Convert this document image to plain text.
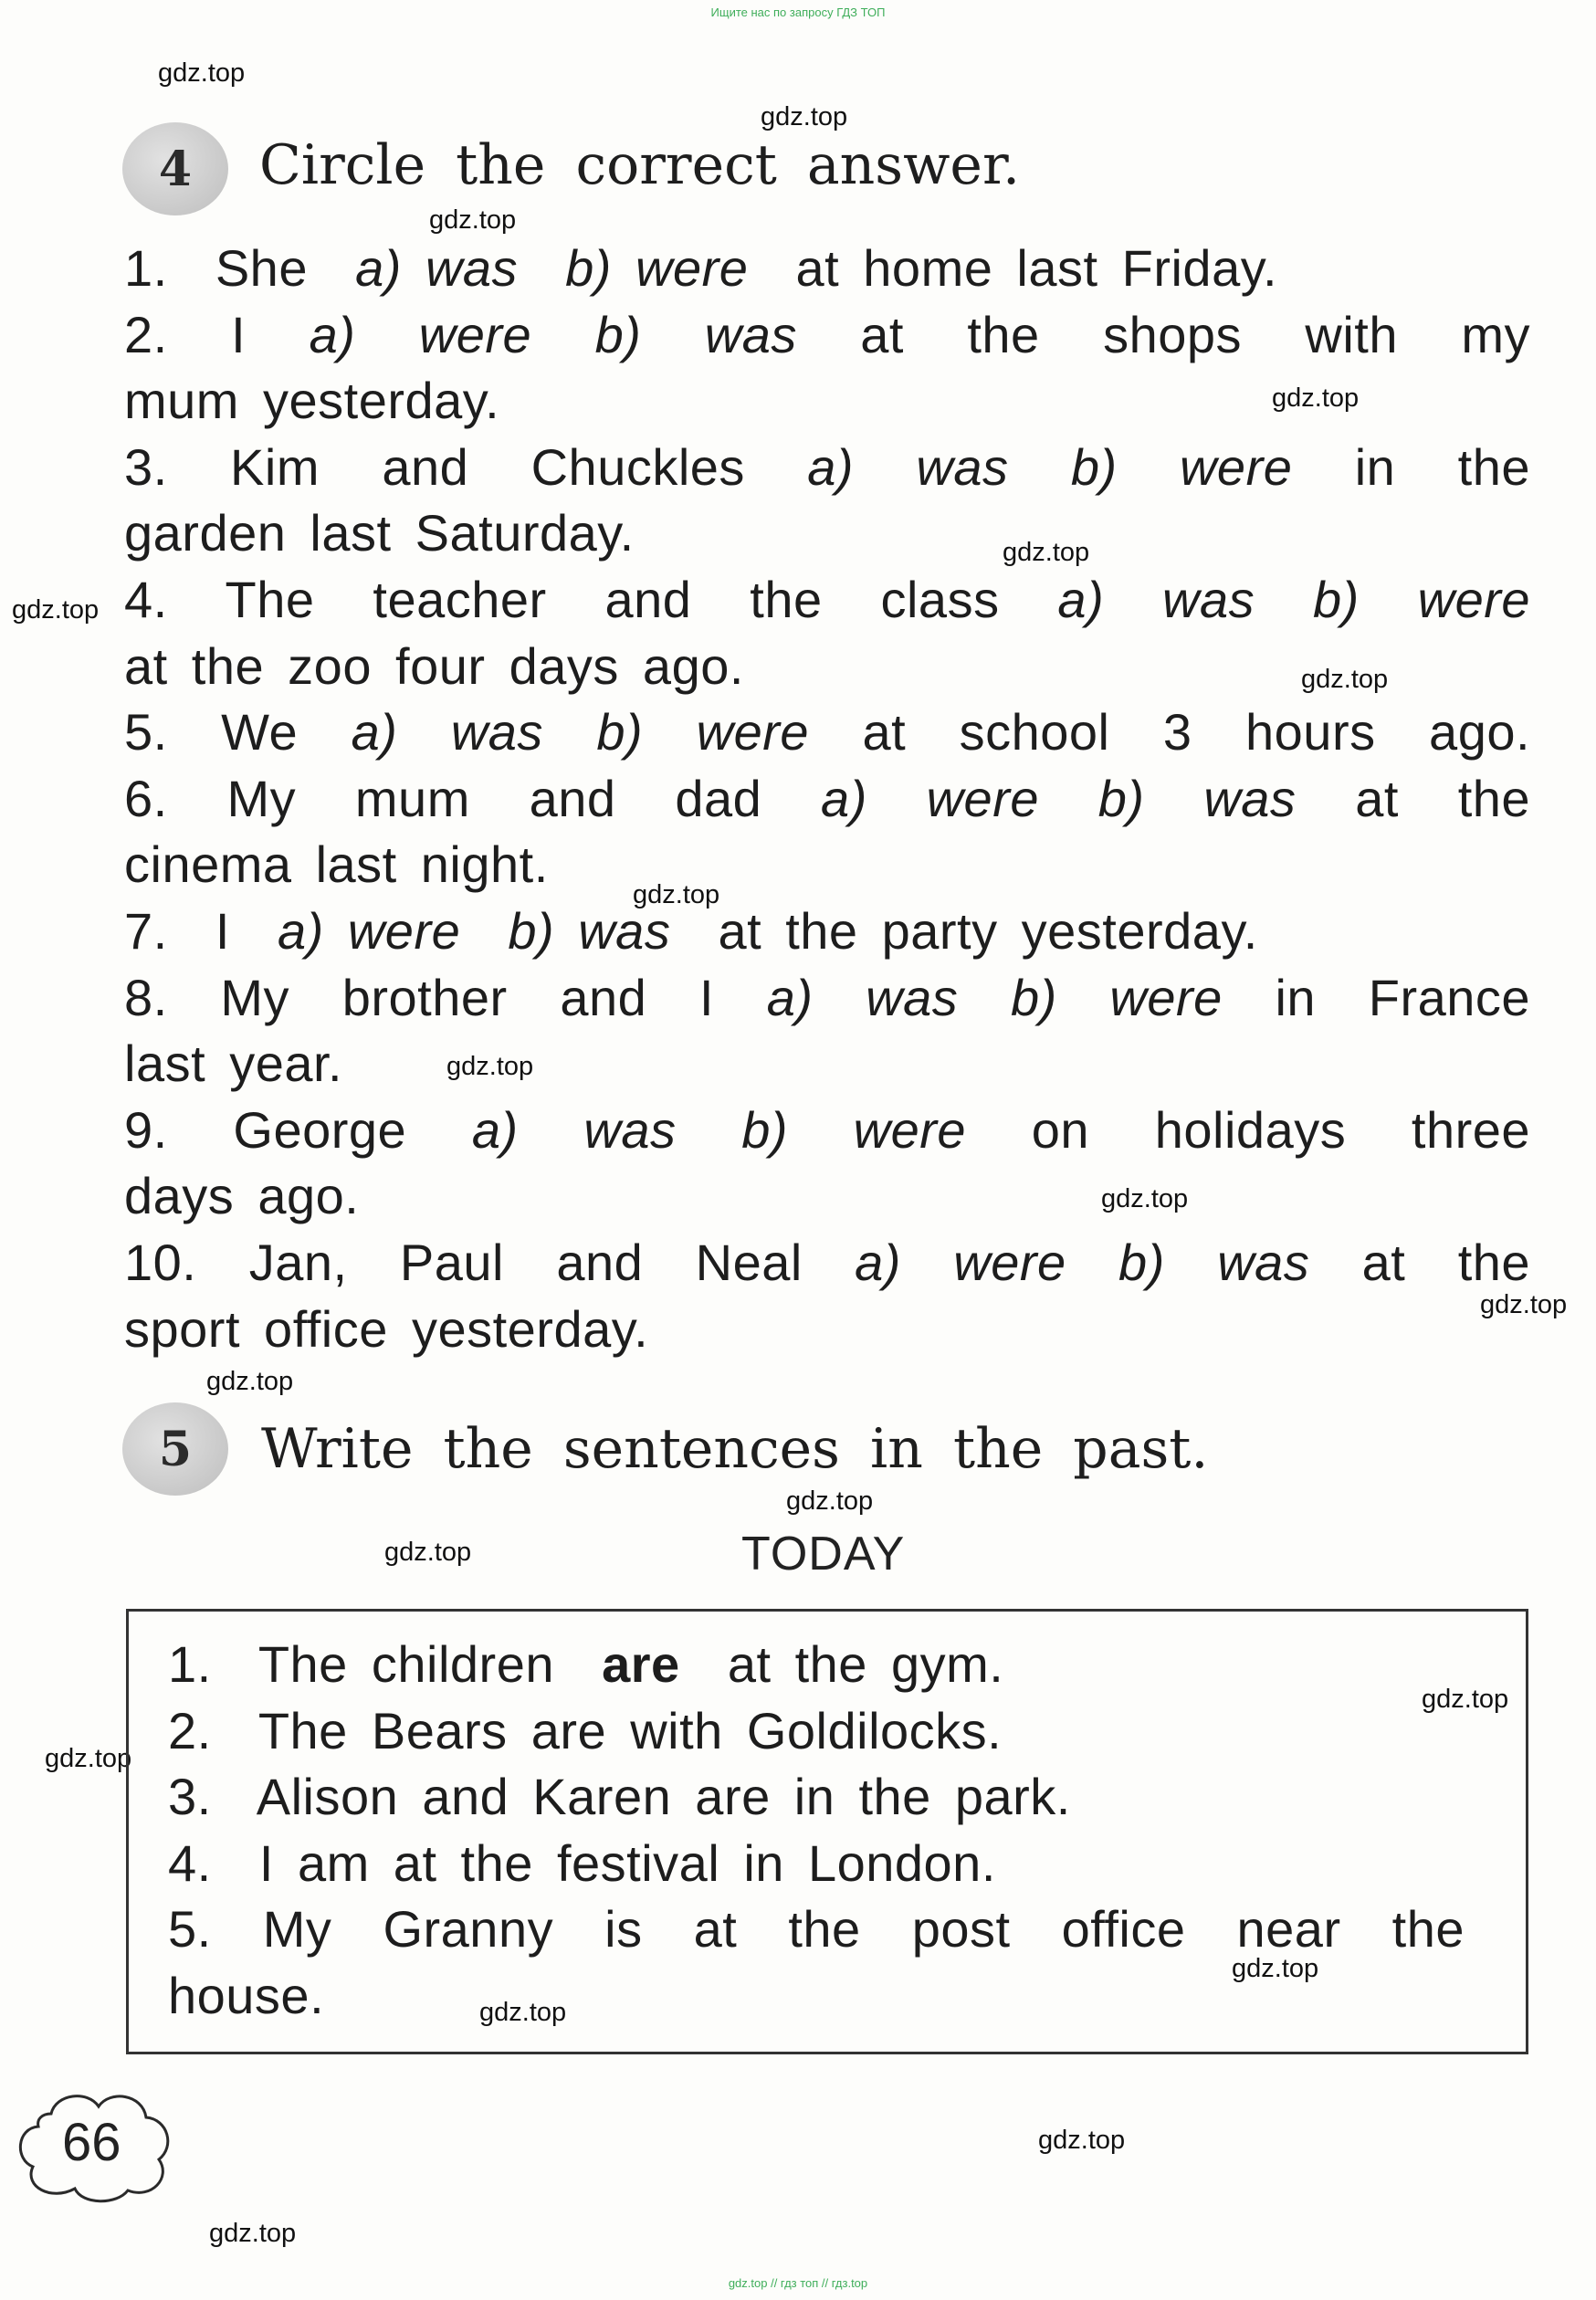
Ищите нас по запросу ГДЗ ТОП
gdz.top // гдз топ // гдз.top
gdz.top
gdz.top
gdz.top
gdz.top
gdz.top
gdz.top
gdz.top
gdz.top
gdz.top
gdz.top
gdz.top
gdz.top
gdz.top
gdz.top
gdz.top
gdz.top
gdz.top
gdz.top
gdz.top
gdz.top
4	Circle the correct answer.
1. She a) was b) were at home last Friday.
2. I a) were b) was at the shops with my
mum yesterday.
3. Kim and Chuckles a) was b) were in the
garden last Saturday.
4. The teacher and the class a) was b) were
at the zoo four days ago.
5. We a) was b) were at school 3 hours ago.
6. My mum and dad a) were b) was at the
cinema last night.
7. I a) were b) was at the party yesterday.
8. My brother and I a) was b) were in France
last year.
9. George a) was b) were on holidays three
days ago.
10. Jan, Paul and Neal a) were b) was at the
sport office yesterday.
5	Write the sentences in the past.
TODAY
1. The children are at the gym.
2. The Bears are with Goldilocks.
3. Alison and Karen are in the park.
4. I am at the festival in London.
5. My Granny is at the post office near the
house.
66
